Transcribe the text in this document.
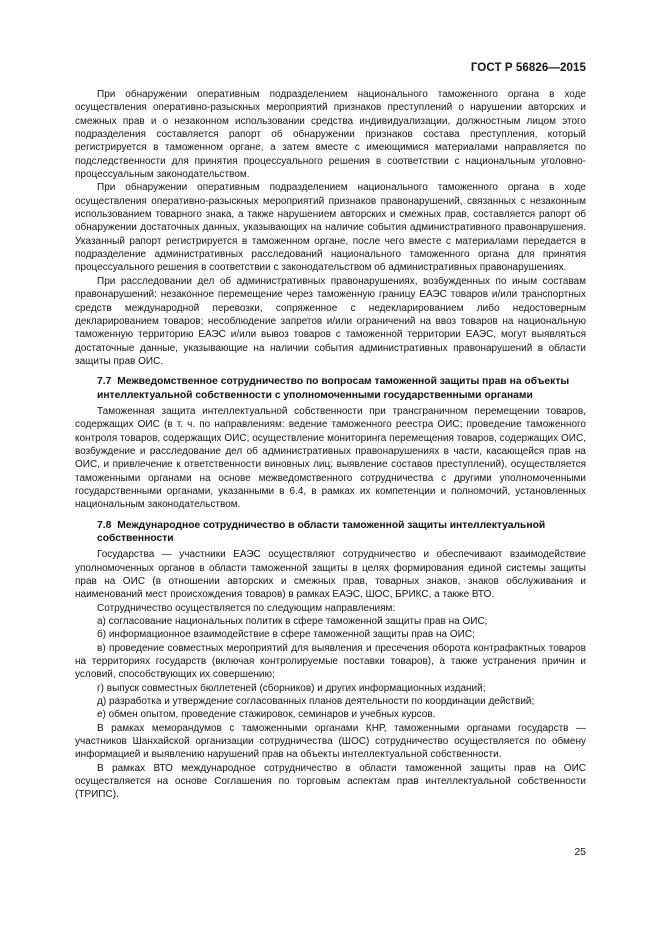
ГОСТ Р 56826—2015

При обнаружении оперативным подразделением национального таможенного органа в ходе осуществления оперативно-разыскных мероприятий признаков преступлений о нарушении авторских и смежных прав и о незаконном использовании средства индивидуализации, должностным лицом этого подразделения составляется рапорт об обнаружении признаков состава преступления, который регистрируется в таможенном органе, а затем вместе с имеющимися материалами направляется по подследственности для принятия процессуального решения в соответствии с национальным уголовно-процессуальным законодательством.

При обнаружении оперативным подразделением национального таможенного органа в ходе осуществления оперативно-разыскных мероприятий признаков правонарушений, связанных с незаконным использованием товарного знака, а также нарушением авторских и смежных прав, составляется рапорт об обнаружении достаточных данных, указывающих на наличие события административного правонарушения. Указанный рапорт регистрируется в таможенном органе, после чего вместе с материалами передается в подразделение административных расследований национального таможенного органа для принятия процессуального решения в соответствии с законодательством об административных правонарушениях.

При расследовании дел об административных правонарушениях, возбужденных по иным составам правонарушений: незаконное перемещение через таможенную границу ЕАЭС товаров и/или транспортных средств международной перевозки, сопряженное с недекларированием либо недостоверным декларированием товаров; несоблюдение запретов и/или ограничений на ввоз товаров на национальную таможенную территорию ЕАЭС и/или вывоз товаров с таможенной территории ЕАЭС, могут выявляться достаточные данные, указывающие на наличии события административных правонарушений в области защиты прав ОИС.

7.7 Межведомственное сотрудничество по вопросам таможенной защиты прав на объекты интеллектуальной собственности с уполномоченными государственными органами

Таможенная защита интеллектуальной собственности при трансграничном перемещении товаров, содержащих ОИС (в т. ч. по направлениям: ведение таможенного реестра ОИС; проведение таможенного контроля товаров, содержащих ОИС; осуществление мониторинга перемещения товаров, содержащих ОИС, возбуждение и расследование дел об административных правонарушениях в части, касающейся прав на ОИС, и привлечение к ответственности виновных лиц; выявление составов преступлений), осуществляется таможенными органами на основе межведомственного сотрудничества с другими уполномоченными государственными органами, указанными в 6.4, в рамках их компетенции и полномочий, установленных национальным законодательством.

7.8 Международное сотрудничество в области таможенной защиты интеллектуальной собственности

Государства — участники ЕАЭС осуществляют сотрудничество и обеспечивают взаимодействие уполномоченных органов в области таможенной защиты в целях формирования единой системы защиты прав на ОИС (в отношении авторских и смежных прав, товарных знаков, знаков обслуживания и наименований мест происхождения товаров) в рамках ЕАЭС, ШОС, БРИКС, а также ВТО.

Сотрудничество осуществляется по следующим направлениям:

а) согласование национальных политик в сфере таможенной защиты прав на ОИС;

б) информационное взаимодействие в сфере таможенной защиты прав на ОИС;

в) проведение совместных мероприятий для выявления и пресечения оборота контрафактных товаров на территориях государств (включая контролируемые поставки товаров), а также устранения причин и условий, способствующих их совершению;

г) выпуск совместных бюллетеней (сборников) и других информационных изданий;

д) разработка и утверждение согласованных планов деятельности по координации действий;

е) обмен опытом, проведение стажировок, семинаров и учебных курсов.

В рамках меморандумов с таможенными органами КНР, таможенными органами государств — участников Шанхайской организации сотрудничества (ШОС) сотрудничество осуществляется по обмену информацией и выявлению нарушений прав на объекты интеллектуальной собственности.

В рамках ВТО международное сотрудничество в области таможенной защиты прав на ОИС осуществляется на основе Соглашения по торговым аспектам прав интеллектуальной собственности (ТРИПС).

25
